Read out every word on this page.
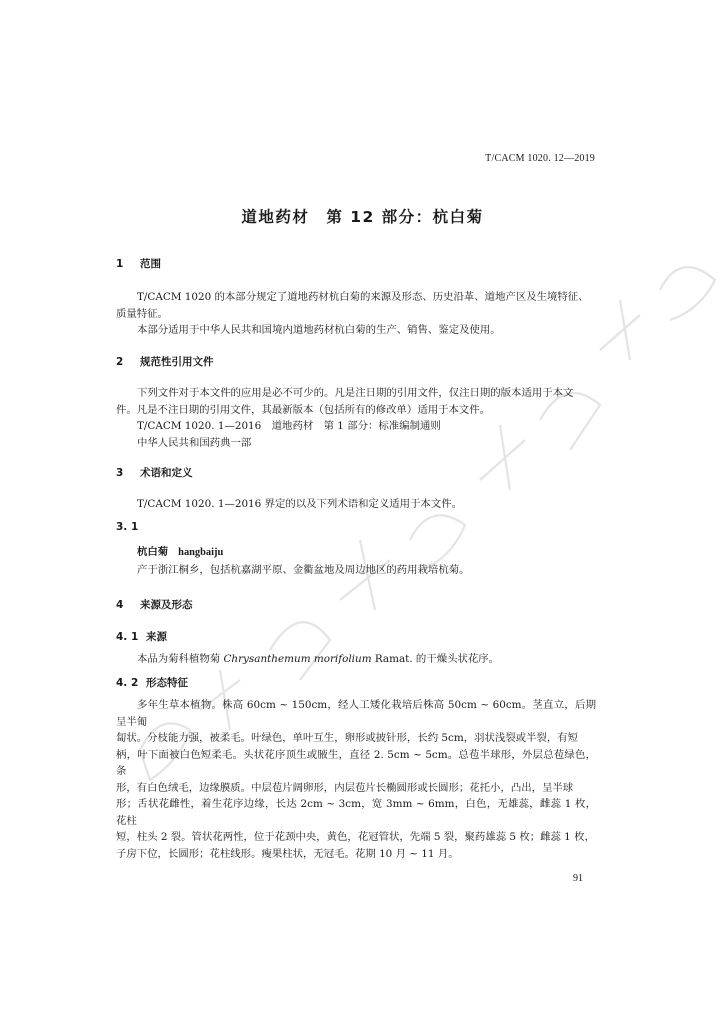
T/CACM 1020. 12—2019
道地药材　第 12 部分：杭白菊
1 范围
T/CACM 1020 的本部分规定了道地药材杭白菊的来源及形态、历史沿革、道地产区及生境特征、
质量特征。
本部分适用于中华人民共和国境内道地药材杭白菊的生产、销售、鉴定及使用。
2 规范性引用文件
下列文件对于本文件的应用是必不可少的。凡是注日期的引用文件，仅注日期的版本适用于本文
件。凡是不注日期的引用文件，其最新版本（包括所有的修改单）适用于本文件。
T/CACM 1020. 1—2016　道地药材　第 1 部分：标准编制通则
中华人民共和国药典一部
3 术语和定义
T/CACM 1020. 1—2016 界定的以及下列术语和定义适用于本文件。
3. 1
杭白菊 hangbaiju
产于浙江桐乡，包括杭嘉湖平原、金衢盆地及周边地区的药用栽培杭菊。
4 来源及形态
4. 1 来源
本品为菊科植物菊 Chrysanthemum morifolium Ramat. 的干燥头状花序。
4. 2 形态特征
多年生草本植物。株高 60cm ~ 150cm，经人工矮化栽培后株高 50cm ~ 60cm。茎直立，后期呈半匍
匐状。分枝能力强，被柔毛。叶绿色，单叶互生，卵形或披针形，长约 5cm，羽状浅裂或半裂，有短
柄，叶下面被白色短柔毛。头状花序顶生或腋生，直径 2. 5cm ~ 5cm。总苞半球形，外层总苞绿色，条
形，有白色绒毛，边缘膜质。中层苞片阔卵形，内层苞片长椭圆形或长圆形；花托小，凸出，呈半球
形；舌状花雌性，着生花序边缘，长达 2cm ~ 3cm，宽 3mm ~ 6mm，白色，无雄蕊，雌蕊 1 枚，花柱
短，柱头 2 裂。管状花两性，位于花颈中央，黄色，花冠管状，先端 5 裂，聚药雄蕊 5 枚；雌蕊 1 枚，
子房下位，长圆形；花柱线形。瘦果柱状，无冠毛。花期 10 月 ~ 11 月。
91
